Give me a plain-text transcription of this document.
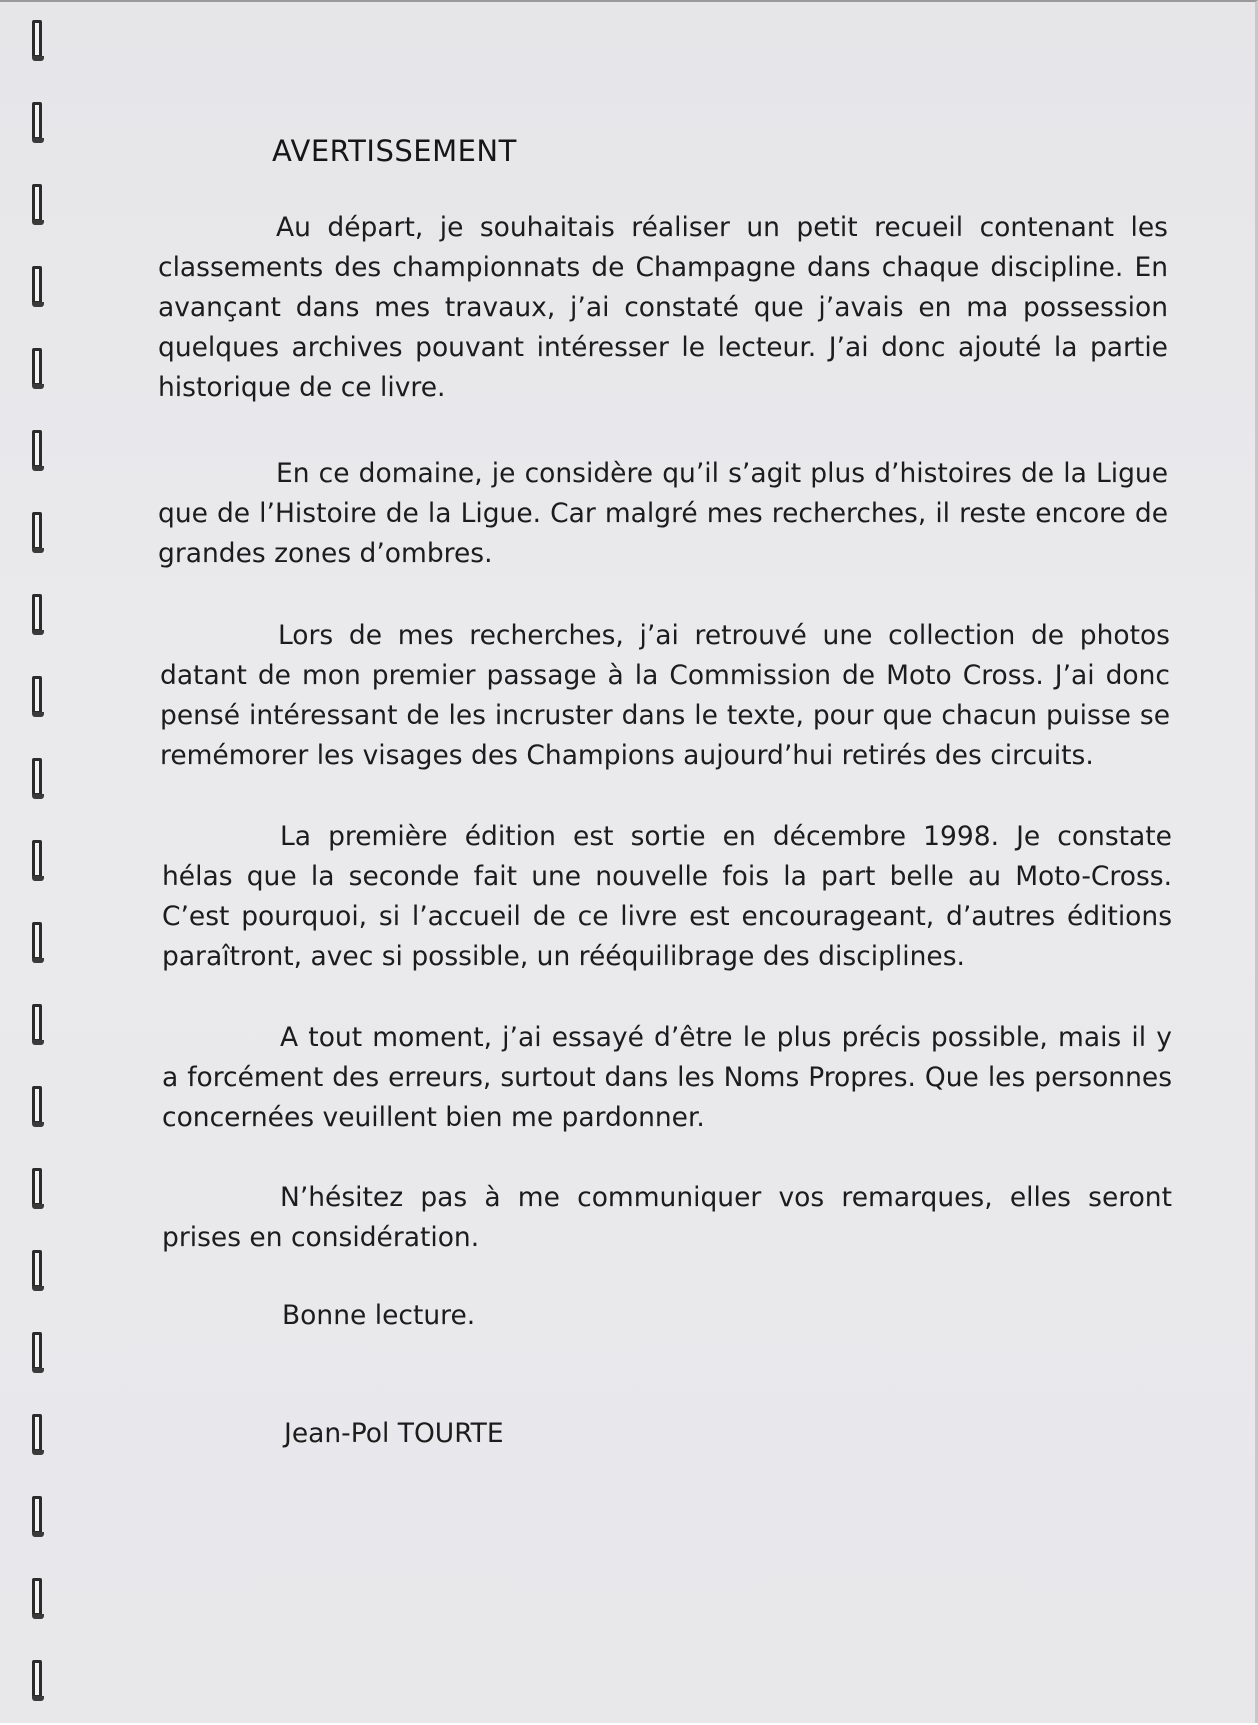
AVERTISSEMENT

Au départ, je souhaitais réaliser un petit recueil contenant les classements des championnats de Champagne dans chaque discipline. En avançant dans mes travaux, j’ai constaté que j’avais en ma possession quelques archives pouvant intéresser le lecteur. J’ai donc ajouté la partie historique de ce livre.

En ce domaine, je considère qu’il s’agit plus d’histoires de la Ligue que de l’Histoire de la Ligue. Car malgré mes recherches, il reste encore de grandes zones d’ombres.

Lors de mes recherches, j’ai retrouvé une collection de photos datant de mon premier passage à la Commission de Moto Cross. J’ai donc pensé intéressant de les incruster dans le texte, pour que chacun puisse se remémorer les visages des Champions aujourd’hui retirés des circuits.

La première édition est sortie en décembre 1998. Je constate hélas que la seconde fait une nouvelle fois la part belle au Moto-Cross. C’est pourquoi, si l’accueil de ce livre est encourageant, d’autres éditions paraîtront, avec si possible, un rééquilibrage des disciplines.

A tout moment, j’ai essayé d’être le plus précis possible, mais il y a forcément des erreurs, surtout dans les Noms Propres. Que les personnes concernées veuillent bien me pardonner.

N’hésitez pas à me communiquer vos remarques, elles seront prises en considération.

Bonne lecture.
Jean-Pol TOURTE
